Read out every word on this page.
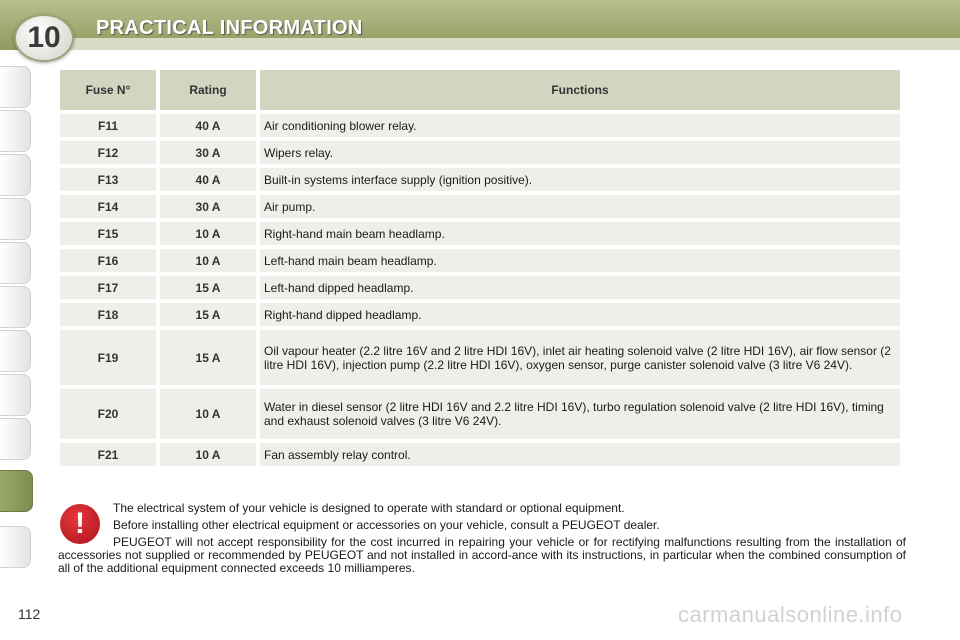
10 PRACTICAL INFORMATION
Fuse N°	Rating	Functions
F11	40 A	Air conditioning blower relay.
F12	30 A	Wipers relay.
F13	40 A	Built-in systems interface supply (ignition positive).
F14	30 A	Air pump.
F15	10 A	Right-hand main beam headlamp.
F16	10 A	Left-hand main beam headlamp.
F17	15 A	Left-hand dipped headlamp.
F18	15 A	Right-hand dipped headlamp.
F19	15 A	Oil vapour heater (2.2 litre 16V and 2 litre HDI 16V), inlet air heating solenoid valve (2 litre HDI 16V), air flow sensor (2 litre HDI 16V), injection pump (2.2 litre HDI 16V), oxygen sensor, purge canister solenoid valve (3 litre V6 24V).
F20	10 A	Water in diesel sensor (2 litre HDI 16V and 2.2 litre HDI 16V), turbo regulation solenoid valve (2 litre HDI 16V), timing and exhaust solenoid valves (3 litre V6 24V).
F21	10 A	Fan assembly relay control.
!	The electrical system of your vehicle is designed to operate with standard or optional equipment.
Before installing other electrical equipment or accessories on your vehicle, consult a PEUGEOT dealer.
PEUGEOT will not accept responsibility for the cost incurred in repairing your vehicle or for rectifying malfunctions resulting from the installation of accessories not supplied or recommended by PEUGEOT and not installed in accord-ance with its instructions, in particular when the combined consumption of all of the additional equipment connected exceeds 10 milliamperes.
112	carmanualsonline.info
